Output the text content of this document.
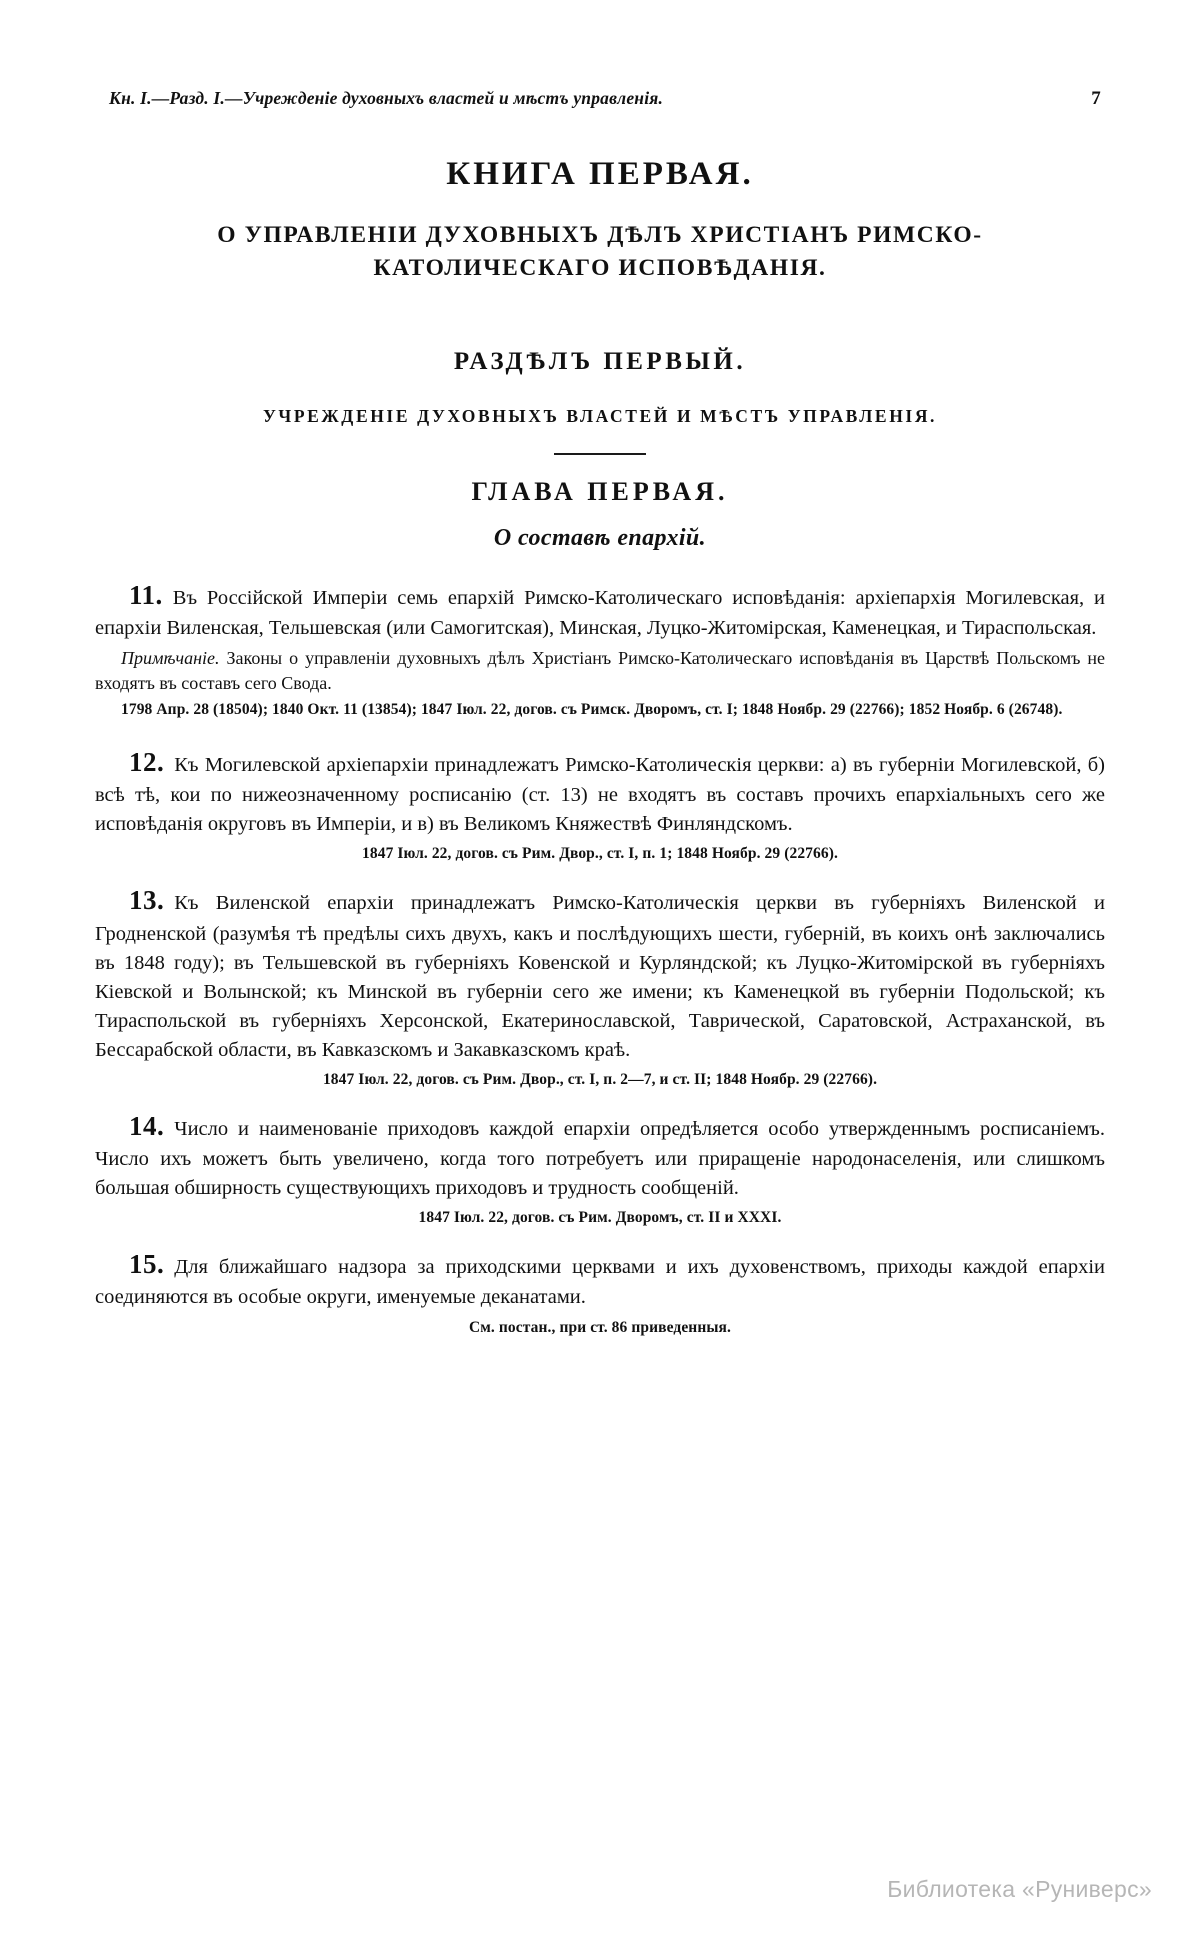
Кн. I.—Разд. I.—Учрежденіе духовныхъ властей и мѣстъ управленія.	7
КНИГА ПЕРВАЯ.
О УПРАВЛЕНІИ ДУХОВНЫХЪ ДѢЛЪ ХРИСТІАНЪ РИМСКО-КАТОЛИЧЕСКАГО ИСПОВѢДАНІЯ.
РАЗДѢЛЪ ПЕРВЫЙ.
УЧРЕЖДЕНІЕ ДУХОВНЫХЪ ВЛАСТЕЙ И МѢСТЪ УПРАВЛЕНІЯ.
ГЛАВА ПЕРВАЯ.
О составѣ епархій.

11. Въ Россійской Имперіи семь епархій Римско-Католическаго исповѣданія: архіепархія Могилевская, и епархіи Виленская, Тельшевская (или Самогитская), Минская, Луцко-Житомірская, Каменецкая, и Тираспольская.

Примѣчаніе. Законы о управленіи духовныхъ дѣлъ Христіанъ Римско-Католическаго исповѣданія въ Царствѣ Польскомъ не входятъ въ составъ сего Свода.

1798 Апр. 28 (18504); 1840 Окт. 11 (13854); 1847 Іюл. 22, догов. съ Римск. Дворомъ, ст. I; 1848 Ноябр. 29 (22766); 1852 Ноябр. 6 (26748).

12. Къ Могилевской архіепархіи принадлежатъ Римско-Католическія церкви: а) въ губерніи Могилевской, б) всѣ тѣ, кои по нижеозначенному росписанію (ст. 13) не входятъ въ составъ прочихъ епархіальныхъ сего же исповѣданія округовъ въ Имперіи, и в) въ Великомъ Княжествѣ Финляндскомъ.

1847 Іюл. 22, догов. съ Рим. Двор., ст. I, п. 1; 1848 Ноябр. 29 (22766).

13. Къ Виленской епархіи принадлежатъ Римско-Католическія церкви въ губерніяхъ Виленской и Гродненской (разумѣя тѣ предѣлы сихъ двухъ, какъ и послѣдующихъ шести, губерній, въ коихъ онѣ заключались въ 1848 году); въ Тельшевской въ губерніяхъ Ковенской и Курляндской; къ Луцко-Житомірской въ губерніяхъ Кіевской и Волынской; къ Минской въ губерніи сего же имени; къ Каменецкой въ губерніи Подольской; къ Тираспольской въ губерніяхъ Херсонской, Екатеринославской, Таврической, Саратовской, Астраханской, въ Бессарабской области, въ Кавказскомъ и Закавказскомъ краѣ.

1847 Іюл. 22, догов. съ Рим. Двор., ст. I, п. 2—7, и ст. II; 1848 Ноябр. 29 (22766).

14. Число и наименованіе приходовъ каждой епархіи опредѣляется особо утвержденнымъ росписаніемъ. Число ихъ можетъ быть увеличено, когда того потребуетъ или приращеніе народонаселенія, или слишкомъ большая обширность существующихъ приходовъ и трудность сообщеній.

1847 Іюл. 22, догов. съ Рим. Дворомъ, ст. II и XXXI.

15. Для ближайшаго надзора за приходскими церквами и ихъ духовенствомъ, приходы каждой епархіи соединяются въ особые округи, именуемые деканатами.

См. постан., при ст. 86 приведенныя.

Библиотека «Руниверс»
